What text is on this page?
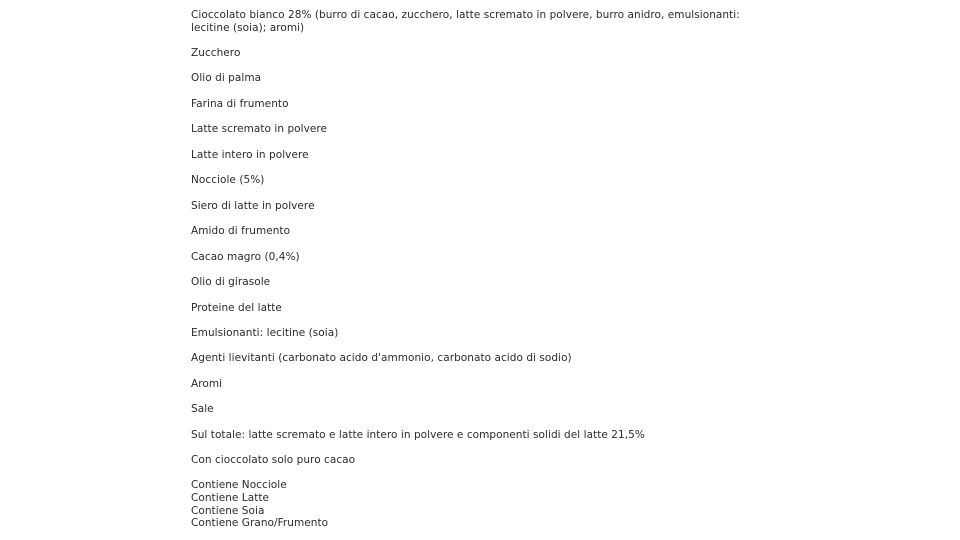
Cioccolato bianco 28% (burro di cacao, zucchero, latte scremato in polvere, burro anidro, emulsionanti: lecitine (soia); aromi)
Zucchero
Olio di palma
Farina di frumento
Latte scremato in polvere
Latte intero in polvere
Nocciole (5%)
Siero di latte in polvere
Amido di frumento
Cacao magro (0,4%)
Olio di girasole
Proteine del latte
Emulsionanti: lecitine (soia)
Agenti lievitanti (carbonato acido d'ammonio, carbonato acido di sodio)
Aromi
Sale
Sul totale: latte scremato e latte intero in polvere e componenti solidi del latte 21,5%
Con cioccolato solo puro cacao
Contiene Nocciole
Contiene Latte
Contiene Soia
Contiene Grano/Frumento
